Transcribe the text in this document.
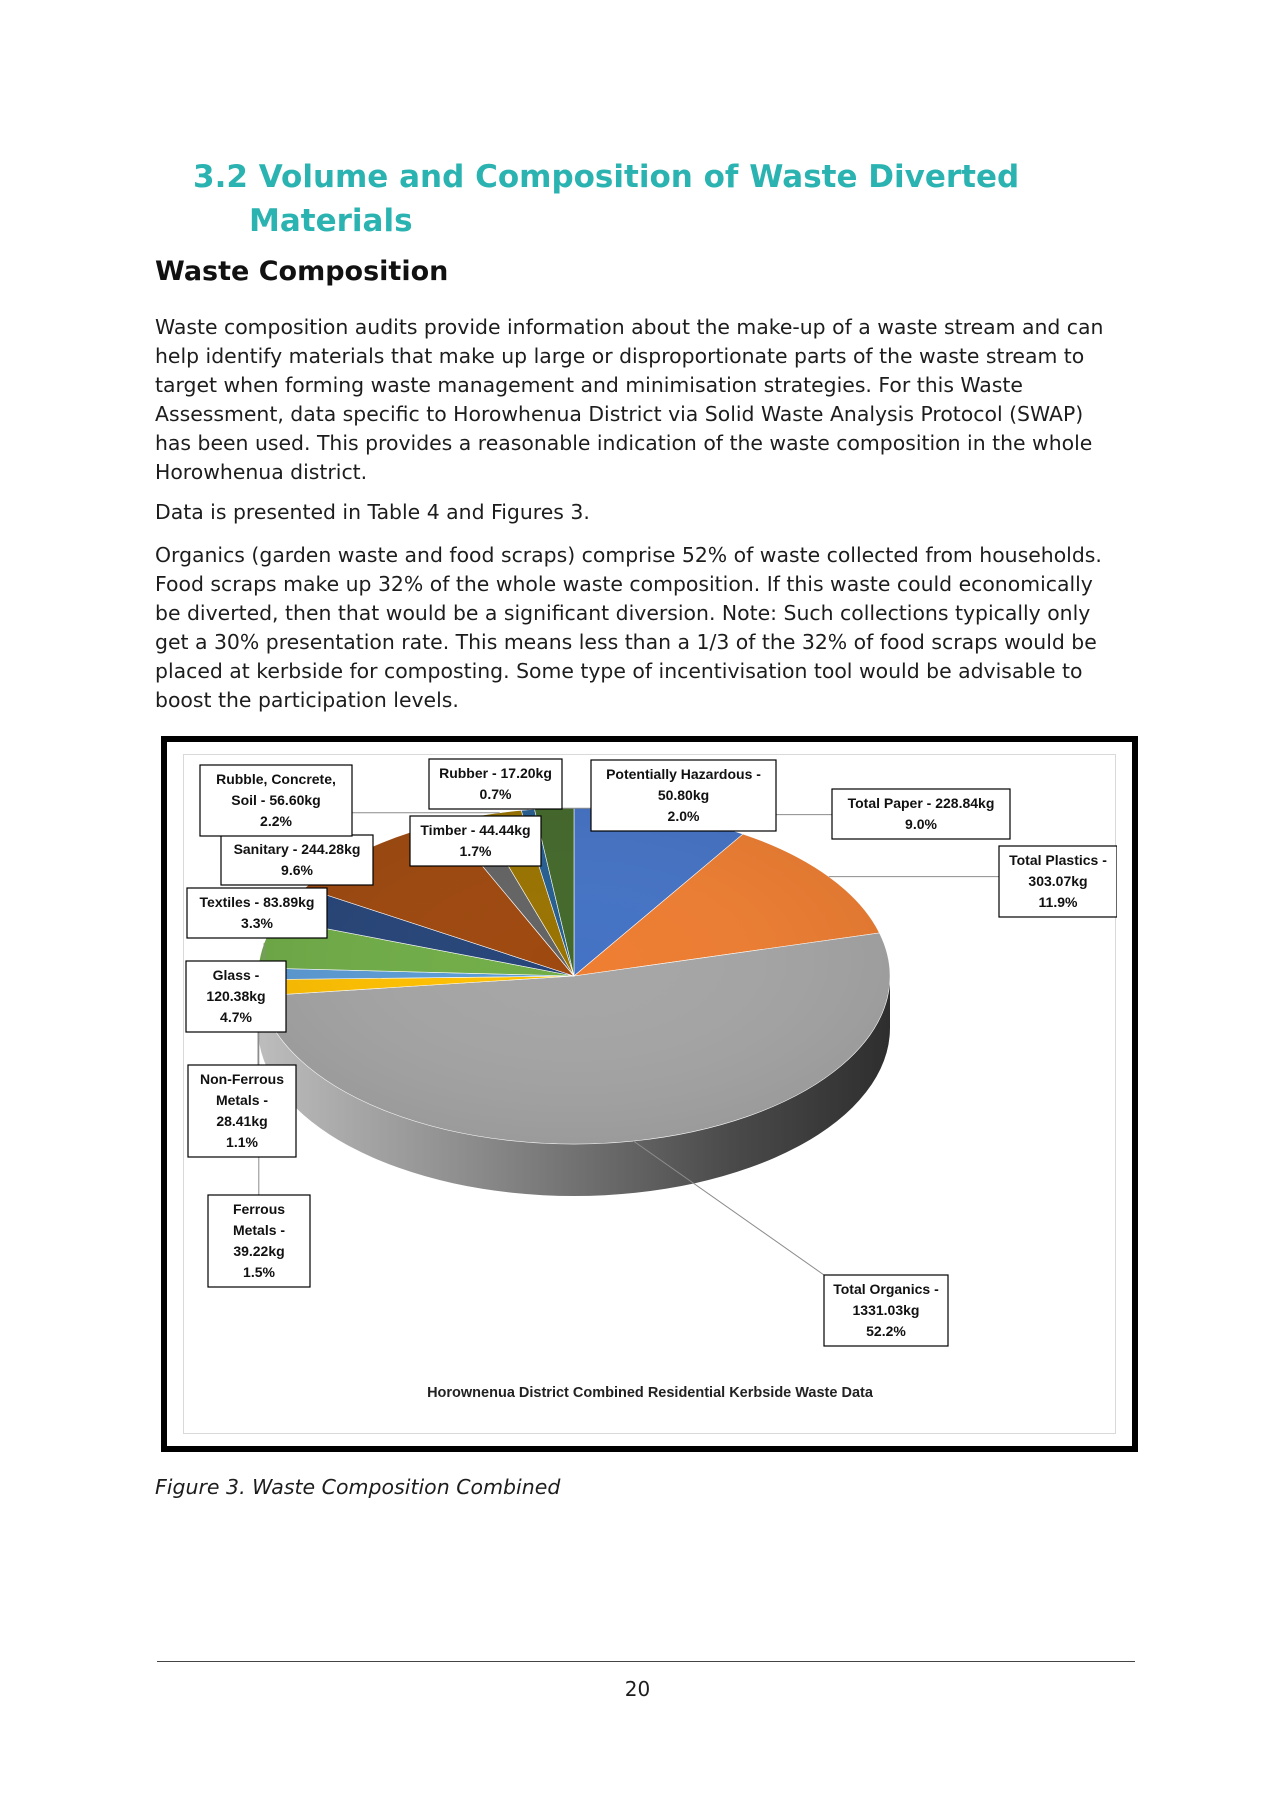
3.2 Volume and Composition of Waste Diverted
Materials
Waste Composition

Waste composition audits provide information about the make-up of a waste stream and can help identify materials that make up large or disproportionate parts of the waste stream to target when forming waste management and minimisation strategies. For this Waste Assessment, data specific to Horowhenua District via Solid Waste Analysis Protocol (SWAP) has been used. This provides a reasonable indication of the waste composition in the whole Horowhenua district.

Data is presented in Table 4 and Figures 3.

Organics (garden waste and food scraps) comprise 52% of waste collected from households. Food scraps make up 32% of the whole waste composition. If this waste could economically be diverted, then that would be a significant diversion. Note: Such collections typically only get a 30% presentation rate. This means less than a 1/3 of the 32% of food scraps would be placed at kerbside for composting. Some type of incentivisation tool would be advisable to boost the participation levels.

Total Paper - 228.84kg
9.0%
Total Plastics -
303.07kg
11.9%
Total Organics -
1331.03kg
52.2%
Ferrous
Metals -
39.22kg
1.5%
Non-Ferrous
Metals -
28.41kg
1.1%
Glass -
120.38kg
4.7%
Textiles - 83.89kg
3.3%
Sanitary - 244.28kg
9.6%
Timber - 44.44kg
1.7%
Rubble, Concrete,
Soil - 56.60kg
2.2%
Rubber - 17.20kg
0.7%
Potentially Hazardous -
50.80kg
2.0%
Horownenua District Combined Residential Kerbside Waste Data
Figure 3. Waste Composition Combined
20
